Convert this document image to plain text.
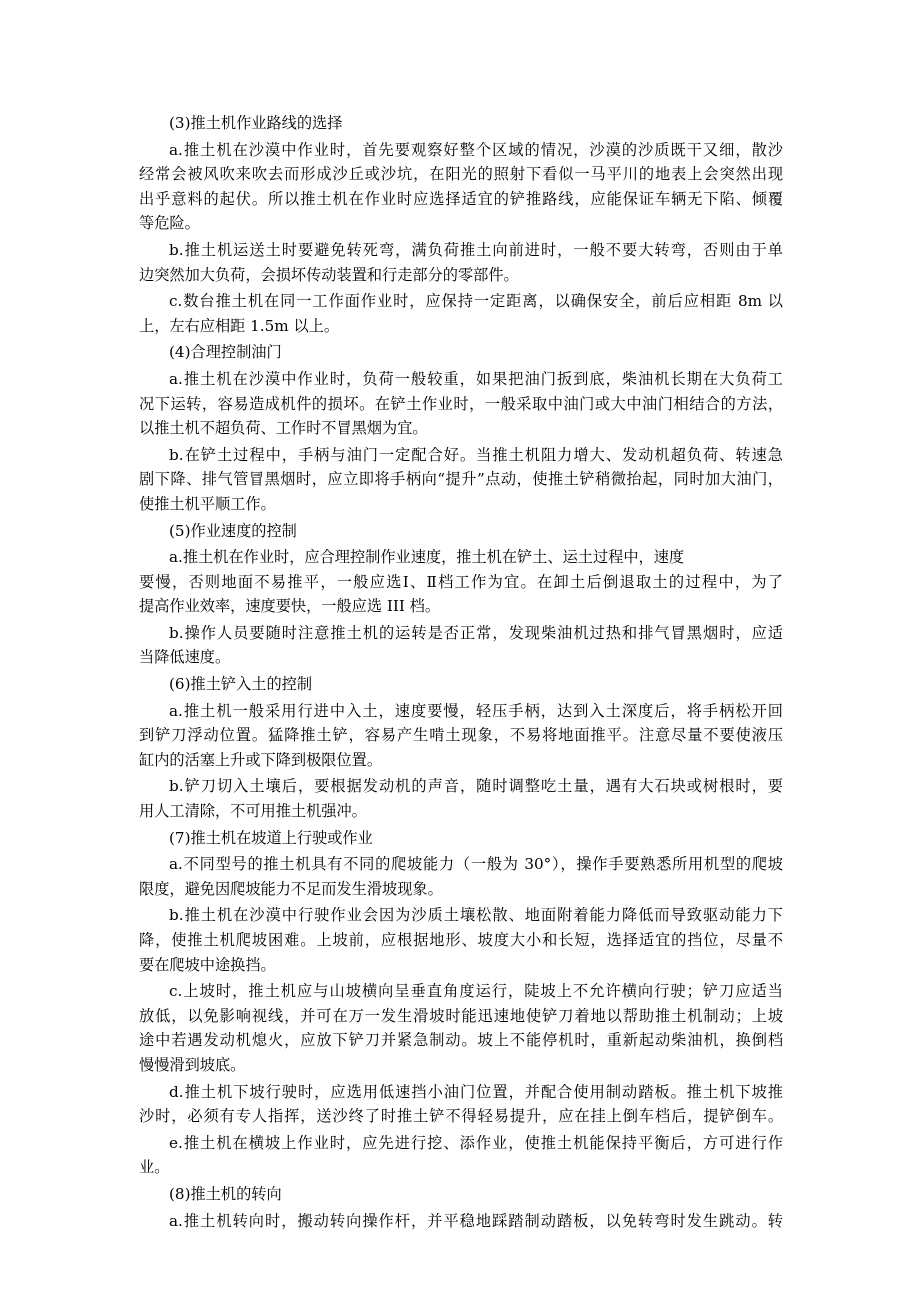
(3)推土机作业路线的选择
a.推土机在沙漠中作业时，首先要观察好整个区域的情况，沙漠的沙质既干又细，散沙
经常会被风吹来吹去而形成沙丘或沙坑，在阳光的照射下看似一马平川的地表上会突然出现
出乎意料的起伏。所以推土机在作业时应选择适宜的铲推路线，应能保证车辆无下陷、倾覆
等危险。
b.推土机运送土时要避免转死弯，满负荷推土向前进时，一般不要大转弯，否则由于单
边突然加大负荷，会损坏传动装置和行走部分的零部件。
c.数台推土机在同一工作面作业时，应保持一定距离，以确保安全，前后应相距 8m 以
上，左右应相距 1.5m 以上。
(4)合理控制油门
a.推土机在沙漠中作业时，负荷一般较重，如果把油门扳到底，柴油机长期在大负荷工
况下运转，容易造成机件的损坏。在铲土作业时，一般采取中油门或大中油门相结合的方法，
以推土机不超负荷、工作时不冒黑烟为宜。
b.在铲土过程中，手柄与油门一定配合好。当推土机阻力增大、发动机超负荷、转速急
剧下降、排气管冒黑烟时，应立即将手柄向“提升”点动，使推土铲稍微抬起，同时加大油门，
使推土机平顺工作。
(5)作业速度的控制
a.推土机在作业时，应合理控制作业速度，推土机在铲土、运土过程中，速度
要慢，否则地面不易推平，一般应选Ⅰ、Ⅱ档工作为宜。在卸土后倒退取土的过程中，为了
提高作业效率，速度要快，一般应选 III 档。
b.操作人员要随时注意推土机的运转是否正常，发现柴油机过热和排气冒黑烟时，应适
当降低速度。
(6)推土铲入土的控制
a.推土机一般采用行进中入土，速度要慢，轻压手柄，达到入土深度后，将手柄松开回
到铲刀浮动位置。猛降推土铲，容易产生啃土现象，不易将地面推平。注意尽量不要使液压
缸内的活塞上升或下降到极限位置。
b.铲刀切入土壤后，要根据发动机的声音，随时调整吃土量，遇有大石块或树根时，要
用人工清除，不可用推土机强冲。
(7)推土机在坡道上行驶或作业
a.不同型号的推土机具有不同的爬坡能力（一般为 30°），操作手要熟悉所用机型的爬坡
限度，避免因爬坡能力不足而发生滑坡现象。
b.推土机在沙漠中行驶作业会因为沙质土壤松散、地面附着能力降低而导致驱动能力下
降，使推土机爬坡困难。上坡前，应根据地形、坡度大小和长短，选择适宜的挡位，尽量不
要在爬坡中途换挡。
c.上坡时，推土机应与山坡横向呈垂直角度运行，陡坡上不允许横向行驶；铲刀应适当
放低，以免影响视线，并可在万一发生滑坡时能迅速地使铲刀着地以帮助推土机制动；上坡
途中若遇发动机熄火，应放下铲刀并紧急制动。坡上不能停机时，重新起动柴油机，换倒档
慢慢滑到坡底。
d.推土机下坡行驶时，应选用低速挡小油门位置，并配合使用制动踏板。推土机下坡推
沙时，必须有专人指挥，送沙终了时推土铲不得轻易提升，应在挂上倒车档后，提铲倒车。
e.推土机在横坡上作业时，应先进行挖、添作业，使推土机能保持平衡后，方可进行作
业。
(8)推土机的转向
a.推土机转向时，搬动转向操作杆，并平稳地踩踏制动踏板，以免转弯时发生跳动。转
